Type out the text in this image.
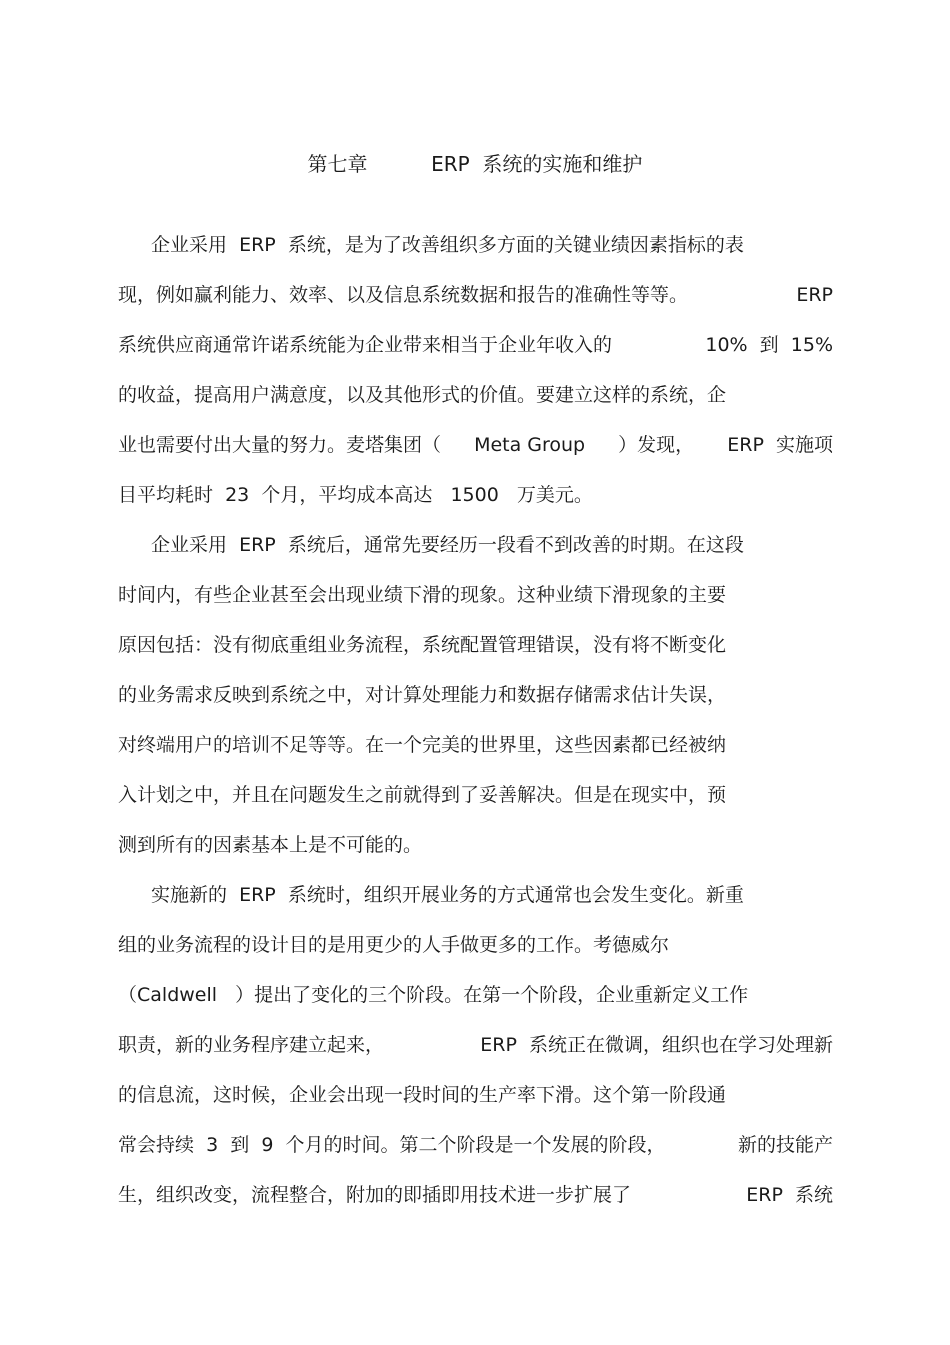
第七章          ERP  系统的实施和维护
企业采用  ERP  系统，是为了改善组织多方面的关键业绩因素指标的表
现，例如赢利能力、效率、以及信息系统数据和报告的准确性等等。	ERP
系统供应商通常许诺系统能为企业带来相当于企业年收入的	10%  到  15%
的收益，提高用户满意度，以及其他形式的价值。要建立这样的系统，企
业也需要付出大量的努力。麦塔集团（ Meta Group ）发现， ERP  实施项
目平均耗时  23  个月，平均成本高达   1500   万美元。
企业采用  ERP  系统后，通常先要经历一段看不到改善的时期。在这段
时间内，有些企业甚至会出现业绩下滑的现象。这种业绩下滑现象的主要
原因包括：没有彻底重组业务流程，系统配置管理错误，没有将不断变化
的业务需求反映到系统之中，对计算处理能力和数据存储需求估计失误，
对终端用户的培训不足等等。在一个完美的世界里，这些因素都已经被纳
入计划之中，并且在问题发生之前就得到了妥善解决。但是在现实中，预
测到所有的因素基本上是不可能的。
实施新的  ERP  系统时，组织开展业务的方式通常也会发生变化。新重
组的业务流程的设计目的是用更少的人手做更多的工作。考德威尔
（Caldwell   ）提出了变化的三个阶段。在第一个阶段，企业重新定义工作
职责，新的业务程序建立起来，	ERP  系统正在微调，组织也在学习处理新
的信息流，这时候，企业会出现一段时间的生产率下滑。这个第一阶段通
常会持续  3  到  9  个月的时间。第二个阶段是一个发展的阶段，	新的技能产
生，组织改变，流程整合，附加的即插即用技术进一步扩展了	ERP  系统
